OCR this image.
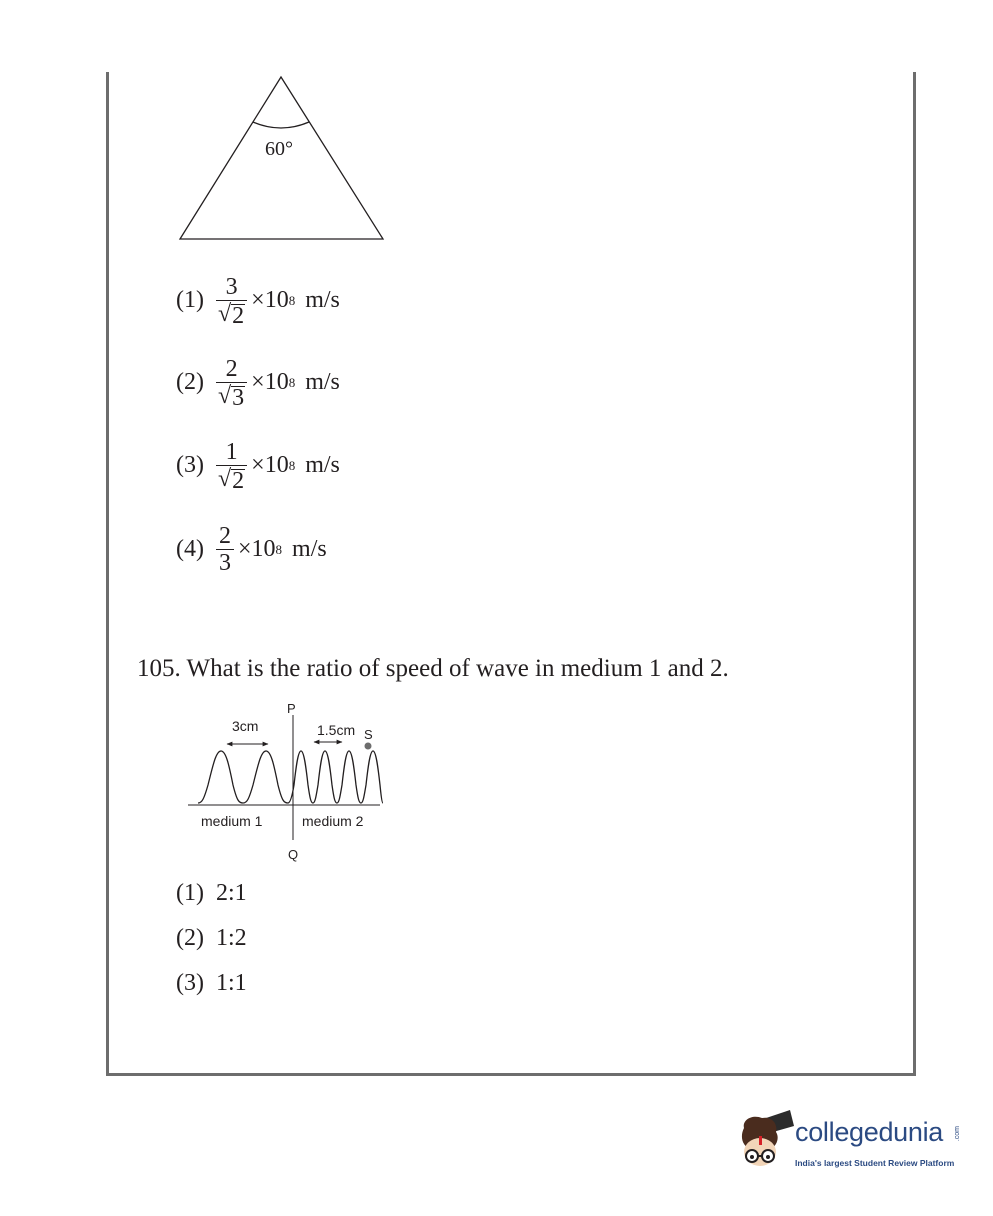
60°
$(1) \frac{3}{√ 2} \times 10$ 8 m/s
$(2) \frac{2}{√ 3} \times 10$ 8 m/s
$(3) \frac{1}{√ 2} \times 10$ 8 m/s
$(4) \frac{2}{3} \times 10$ 8 m/s
105. What is the ratio of speed of wave in medium 1 and 2.
P
3cm	1.5cm S
medium 1	medium 2
Q
(1) 2:1
(2) 1:2
(3) 1:1
collegedunia .com
India's largest Student Review Platform
